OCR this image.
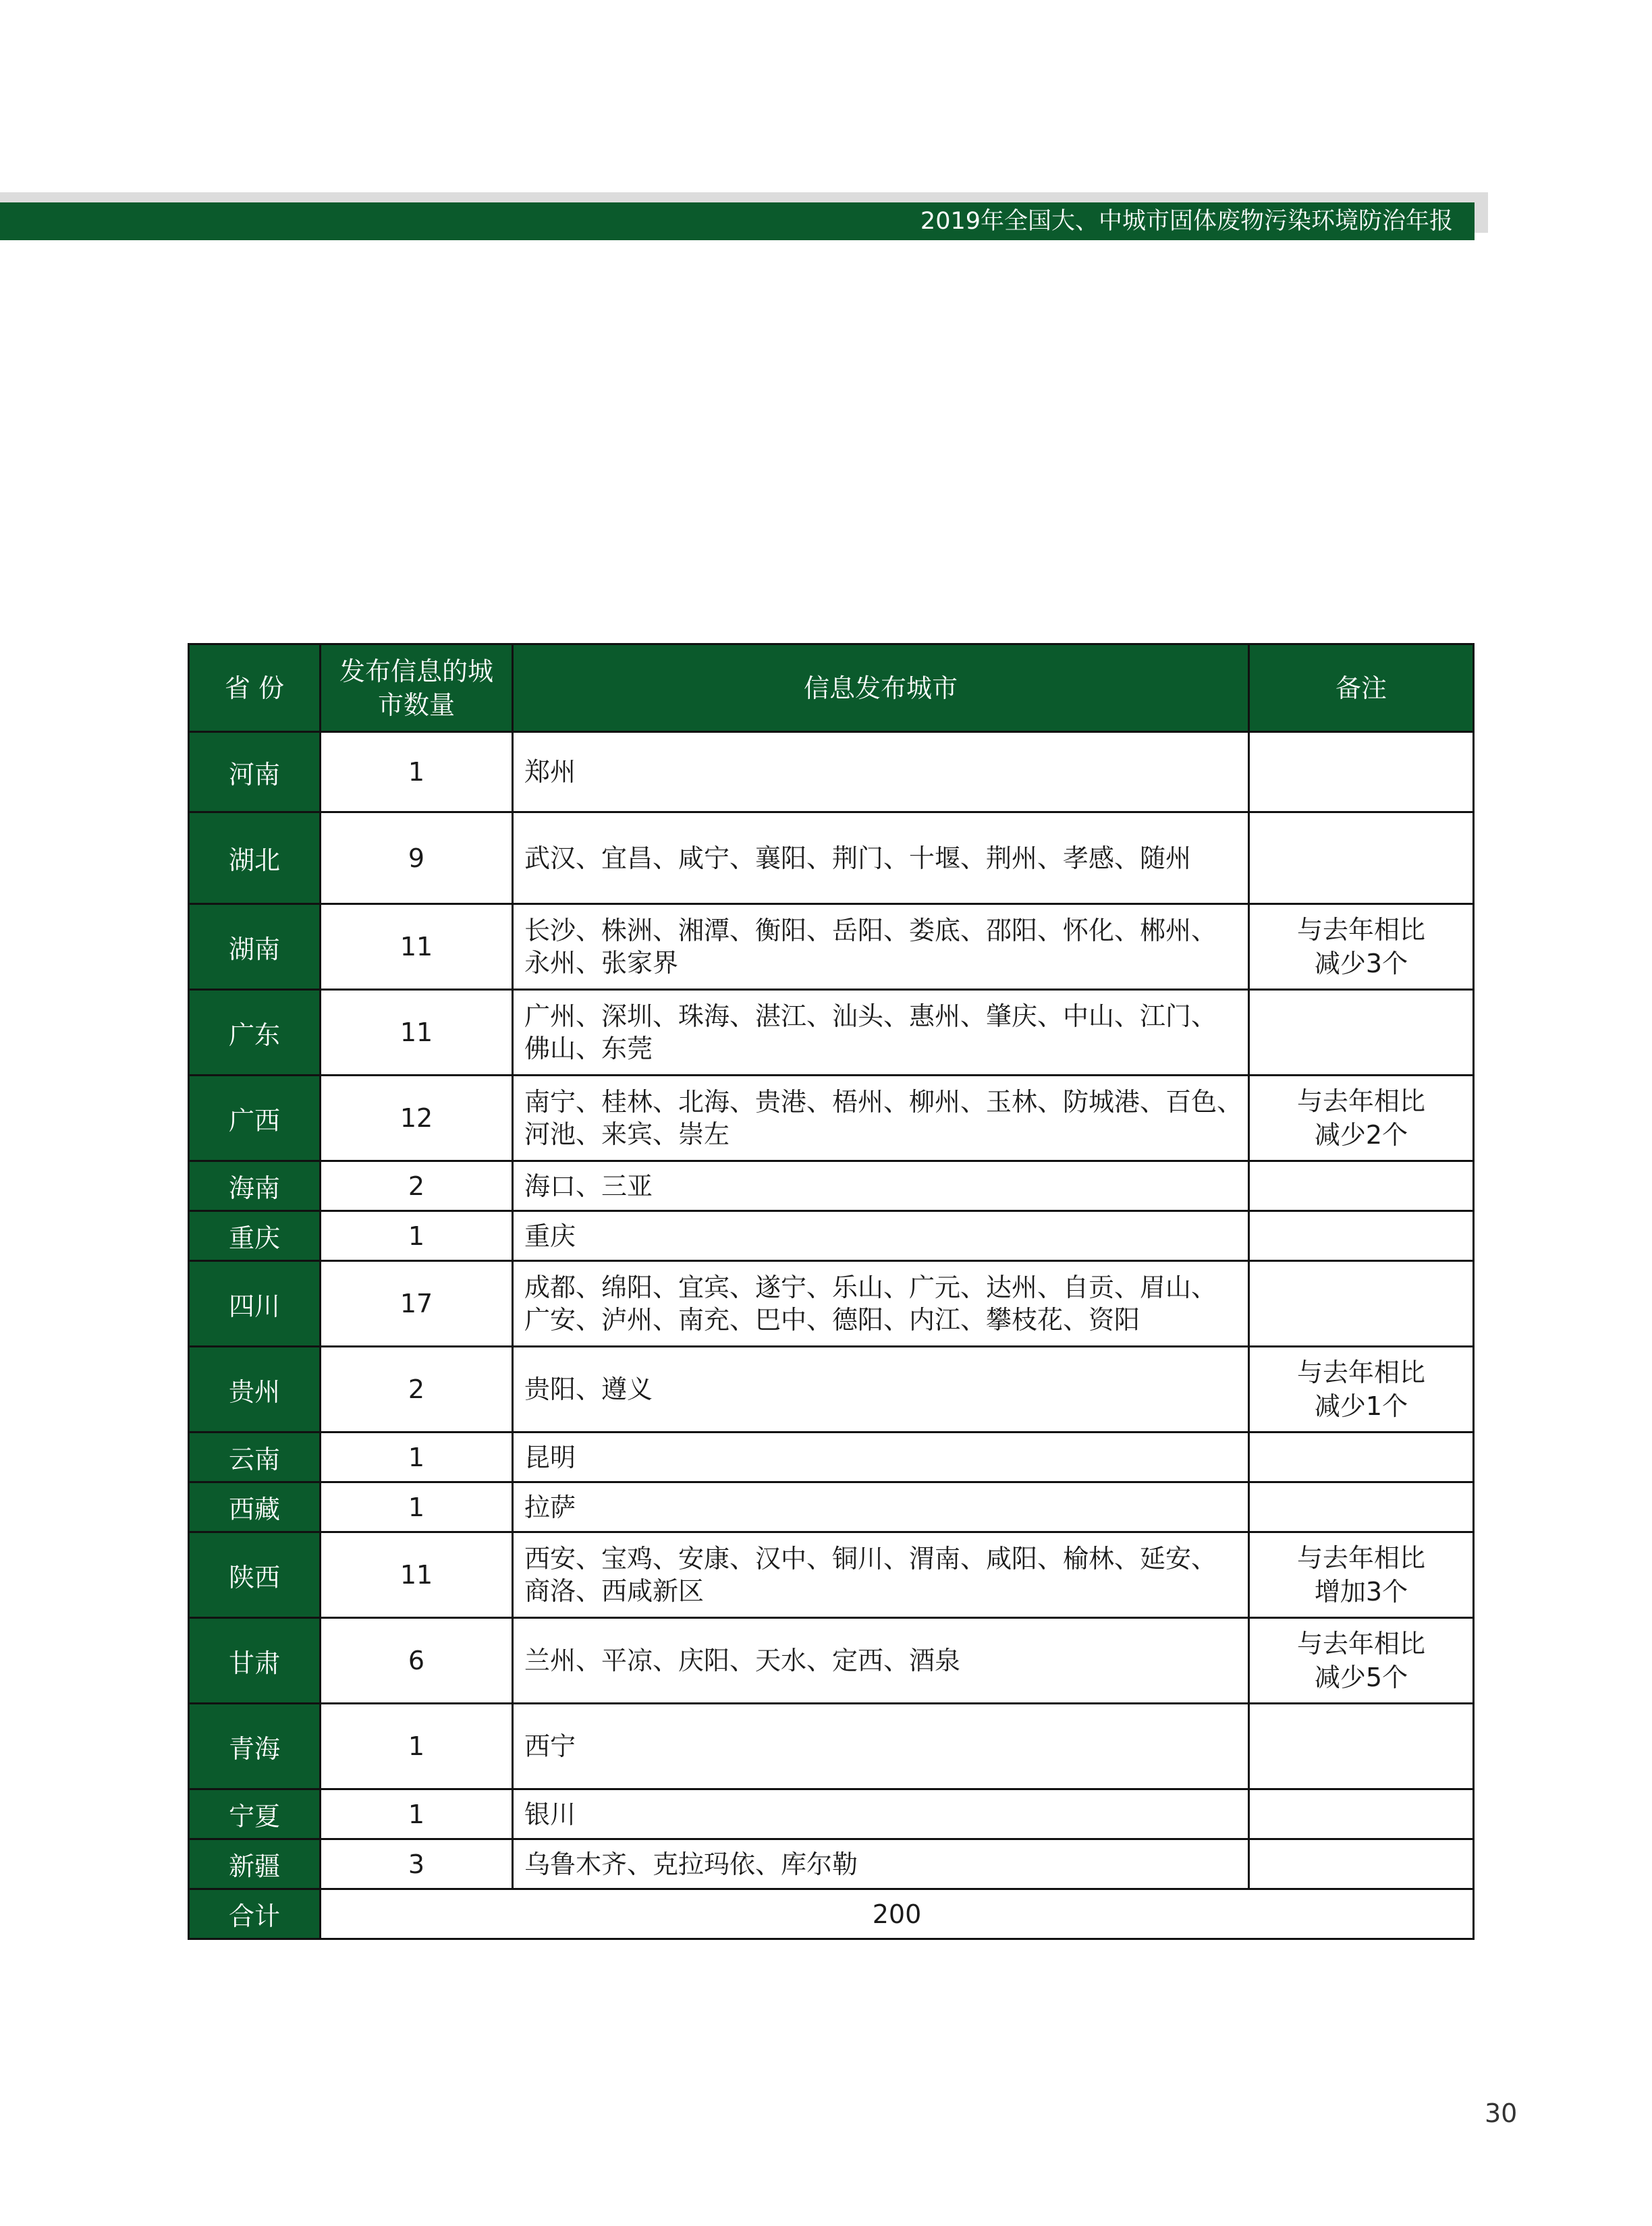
2019年全国大、中城市固体废物污染环境防治年报
省 份	发布信息的城
市数量	信息发布城市	备注
河南	1	郑州	
湖北	9	武汉、宜昌、咸宁、襄阳、荆门、十堰、荆州、孝感、随州	
湖南	11	长沙、株洲、湘潭、衡阳、岳阳、娄底、邵阳、怀化、郴州、
永州、张家界	与去年相比
减少3个
广东	11	广州、深圳、珠海、湛江、汕头、惠州、肇庆、中山、江门、
佛山、东莞	
广西	12	南宁、桂林、北海、贵港、梧州、柳州、玉林、防城港、百色、
河池、来宾、崇左	与去年相比
减少2个
海南	2	海口、三亚	
重庆	1	重庆	
四川	17	成都、绵阳、宜宾、遂宁、乐山、广元、达州、自贡、眉山、
广安、泸州、南充、巴中、德阳、内江、攀枝花、资阳	
贵州	2	贵阳、遵义	与去年相比
减少1个
云南	1	昆明	
西藏	1	拉萨	
陕西	11	西安、宝鸡、安康、汉中、铜川、渭南、咸阳、榆林、延安、
商洛、西咸新区	与去年相比
增加3个
甘肃	6	兰州、平凉、庆阳、天水、定西、酒泉	与去年相比
减少5个
青海	1	西宁	
宁夏	1	银川	
新疆	3	乌鲁木齐、克拉玛依、库尔勒	
合计	200		
30
